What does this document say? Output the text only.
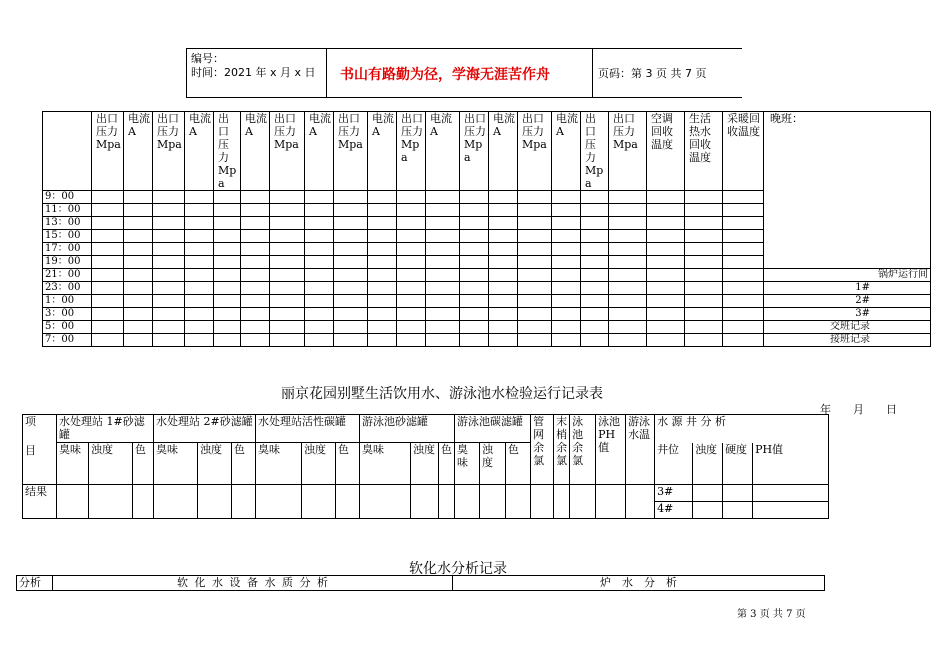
编号：
时间：2021 年 x 月 x 日 书山有路勤为径，学海无涯苦作舟	页码：第 3 页 共 7 页
	出口压力Mpa	电流A	出口压力Mpa	电流A	出口压力Mpa	电流A	出口压力Mpa	电流A	出口压力Mpa	电流A	出口压力Mpa	电流A	出口压力Mpa	电流A	出口压力Mpa	电流A	出口压力Mpa	出口压力Mpa	空调回收温度	生活热水回收温度	采暖回收温度	晚班：
9：00																						
11：00																						
13：00																						
15：00																						
17：00																						
19：00																						
21：00																						锅炉运行间
23：00																						1#
1：00																						2#
3：00																						3#
5：00																						交班记录
7：00																						接班记录
丽京花园别墅生活饮用水、游泳池水检验运行记录表
年　　月　　日
项
目	水处理站 1#砂滤罐			水处理站 2#砂滤罐			水处理站活性碳罐			游泳池砂滤罐			游泳池碳滤罐			管网余氯	末梢余氯	泳池余氯	泳池PH值	游泳水温	水 源 井 分 析			
	臭味	浊度	色	臭味	浊度	色	臭味	浊度	色	臭味	浊度	色	臭味	浊度	色						井位	浊度	硬度	PH值
结果																					3#			
																					4#			
软化水分析记录
分析	软 化 水 设 备 水 质 分 析	炉　水　分　析
第 3 页 共 7 页
